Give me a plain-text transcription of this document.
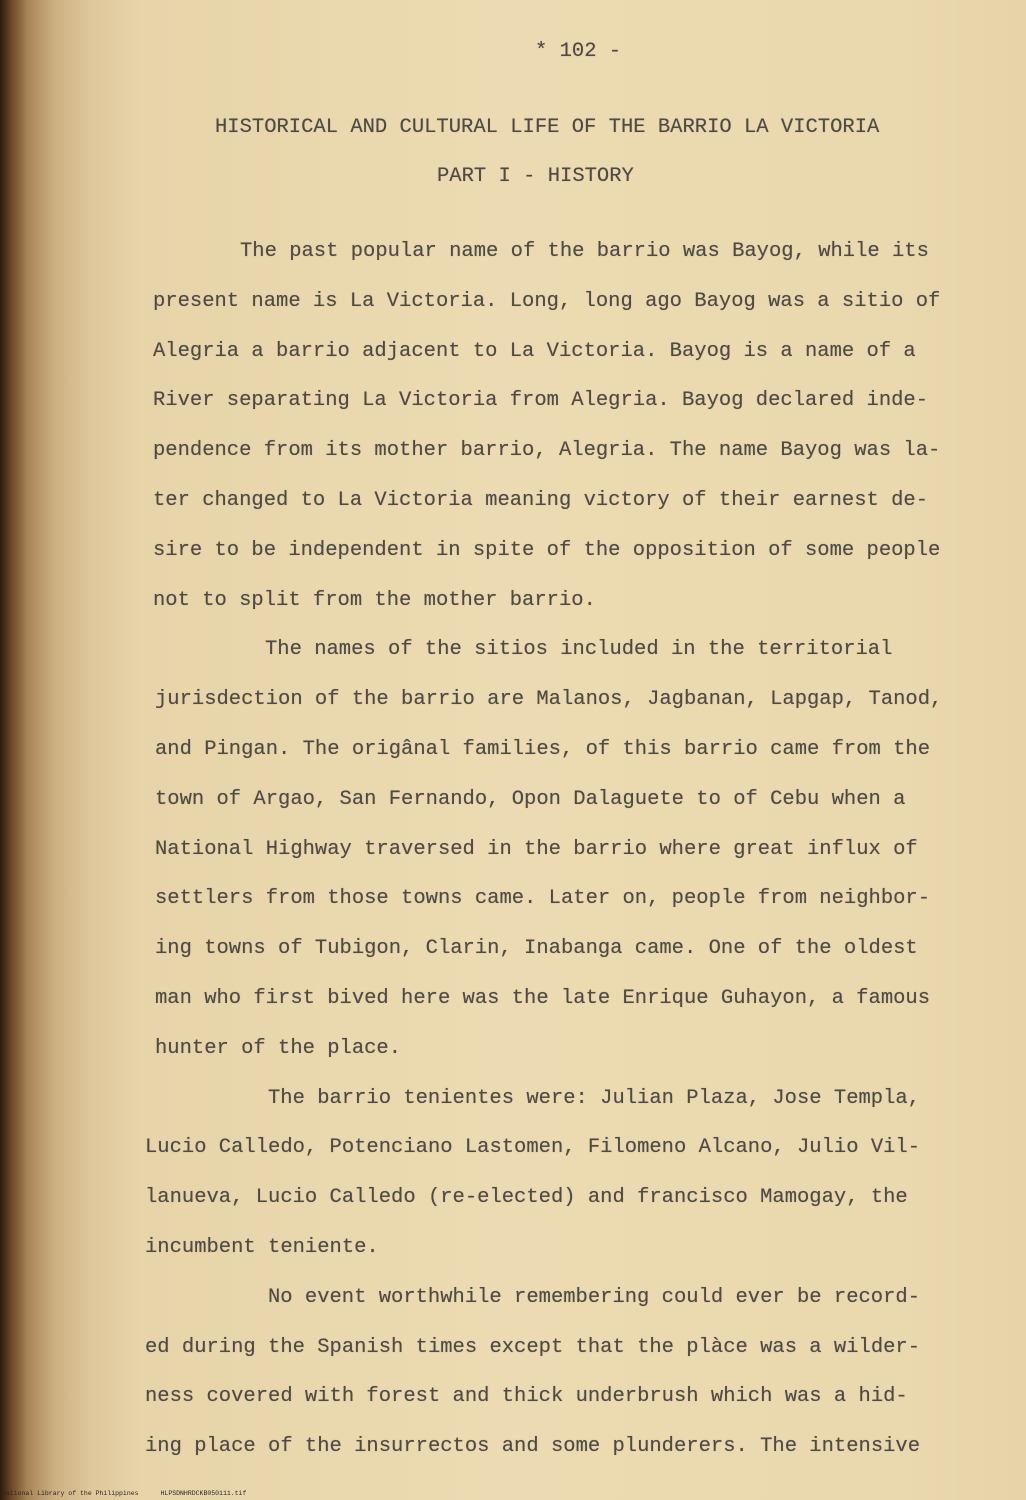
* 102 -
HISTORICAL AND CULTURAL LIFE OF THE BARRIO LA VICTORIA
PART I - HISTORY
The past popular name of the barrio was Bayog, while its
present name is La Victoria. Long, long ago Bayog was a sitio of
Alegria a barrio adjacent to La Victoria. Bayog is a name of a
River separating La Victoria from Alegria. Bayog declared inde-
pendence from its mother barrio, Alegria. The name Bayog was la-
ter changed to La Victoria meaning victory of their earnest de-
sire to be independent in spite of the opposition of some people
not to split from the mother barrio.
The names of the sitios included in the territorial
jurisdection of the barrio are Malanos, Jagbanan, Lapgap, Tanod,
and Pingan. The origânal families, of this barrio came from the
town of Argao, San Fernando, Opon Dalaguete to of Cebu when a
National Highway traversed in the barrio where great influx of
settlers from those towns came. Later on, people from neighbor-
ing towns of Tubigon, Clarin, Inabanga came. One of the oldest
man who first bived here was the late Enrique Guhayon, a famous
hunter of the place.
The barrio tenientes were: Julian Plaza, Jose Templa,
Lucio Calledo, Potenciano Lastomen, Filomeno Alcano, Julio Vil-
lanueva, Lucio Calledo (re-elected) and francisco Mamogay, the
incumbent teniente.
No event worthwhile remembering could ever be record-
ed during the Spanish times except that the plàce was a wilder-
ness covered with forest and thick underbrush which was a hid-
ing place of the insurrectos and some plunderers. The intensive
National Library of the Philippines	HLPSDNHRDCKB050111.tif
